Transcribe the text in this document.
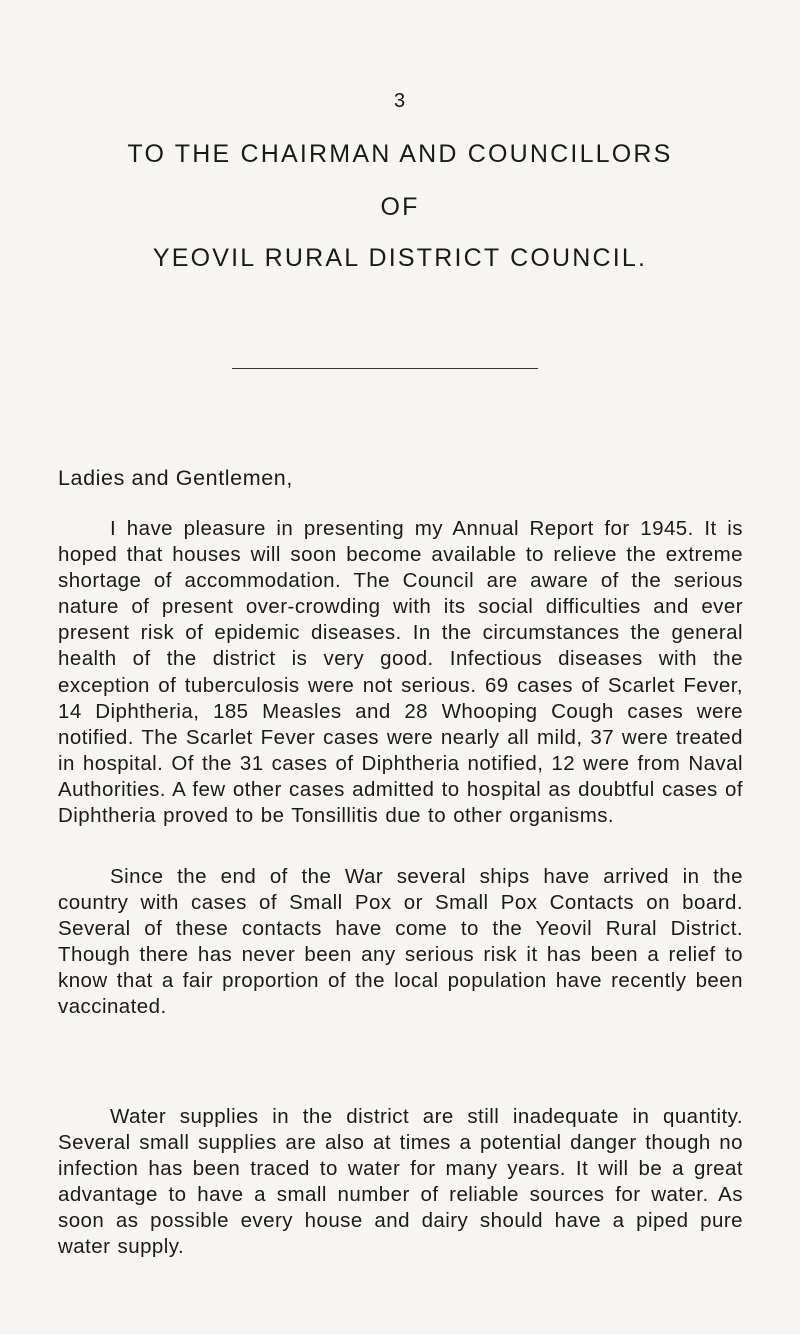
3
TO THE CHAIRMAN AND COUNCILLORS
OF
YEOVIL RURAL DISTRICT COUNCIL.
Ladies and Gentlemen,

I have pleasure in presenting my Annual Report for 1945. It is hoped that houses will soon become available to relieve the extreme shortage of accommodation. The Council are aware of the serious nature of present over-crowding with its social difficulties and ever present risk of epidemic diseases. In the circumstances the general health of the district is very good. Infectious diseases with the exception of tuberculosis were not serious. 69 cases of Scarlet Fever, 14 Diphtheria, 185 Measles and 28 Whooping Cough cases were notified. The Scarlet Fever cases were nearly all mild, 37 were treated in hospital. Of the 31 cases of Diphtheria notified, 12 were from Naval Authorities. A few other cases admitted to hospital as doubtful cases of Diphtheria proved to be Tonsillitis due to other organisms.

Since the end of the War several ships have arrived in the country with cases of Small Pox or Small Pox Contacts on board. Several of these contacts have come to the Yeovil Rural District. Though there has never been any serious risk it has been a relief to know that a fair proportion of the local population have recently been vaccinated.

Water supplies in the district are still inadequate in quantity. Several small supplies are also at times a potential danger though no infection has been traced to water for many years. It will be a great advantage to have a small number of reliable sources for water. As soon as possible every house and dairy should have a piped pure water supply.
